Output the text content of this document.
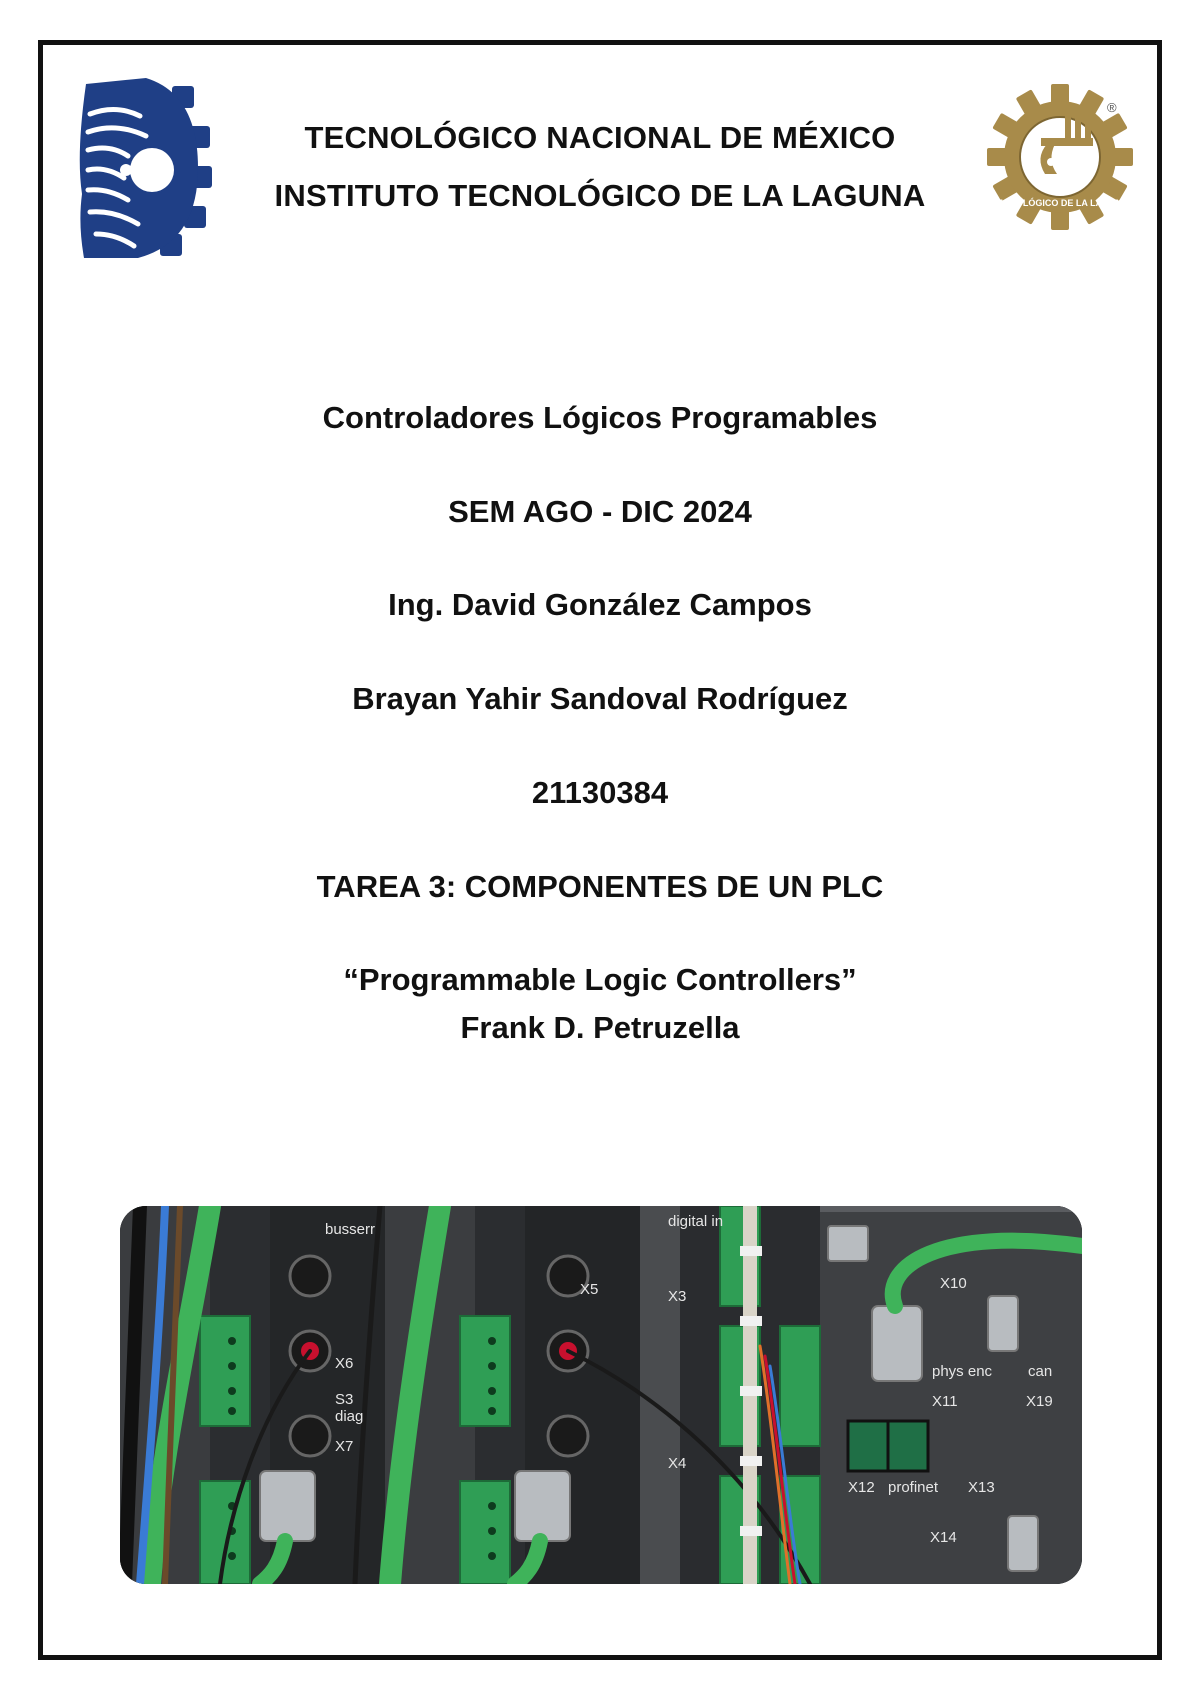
TECNOLÓGICO NACIONAL DE MÉXICO
INSTITUTO TECNOLÓGICO DE LA LAGUNA	TECNOLÓGICO DE LA LAGUNA
®
Controladores Lógicos Programables
SEM AGO - DIC 2024
Ing. David González Campos
Brayan Yahir Sandoval Rodríguez
21130384
TAREA 3: COMPONENTES DE UN PLC
“Programmable Logic Controllers”
Frank D. Petruzella
busserr
X5
X6
S3
diag
X7
digital in
X3
X4
X10
X11
X12	X13
X14
X19
can
phys enc
profinet
